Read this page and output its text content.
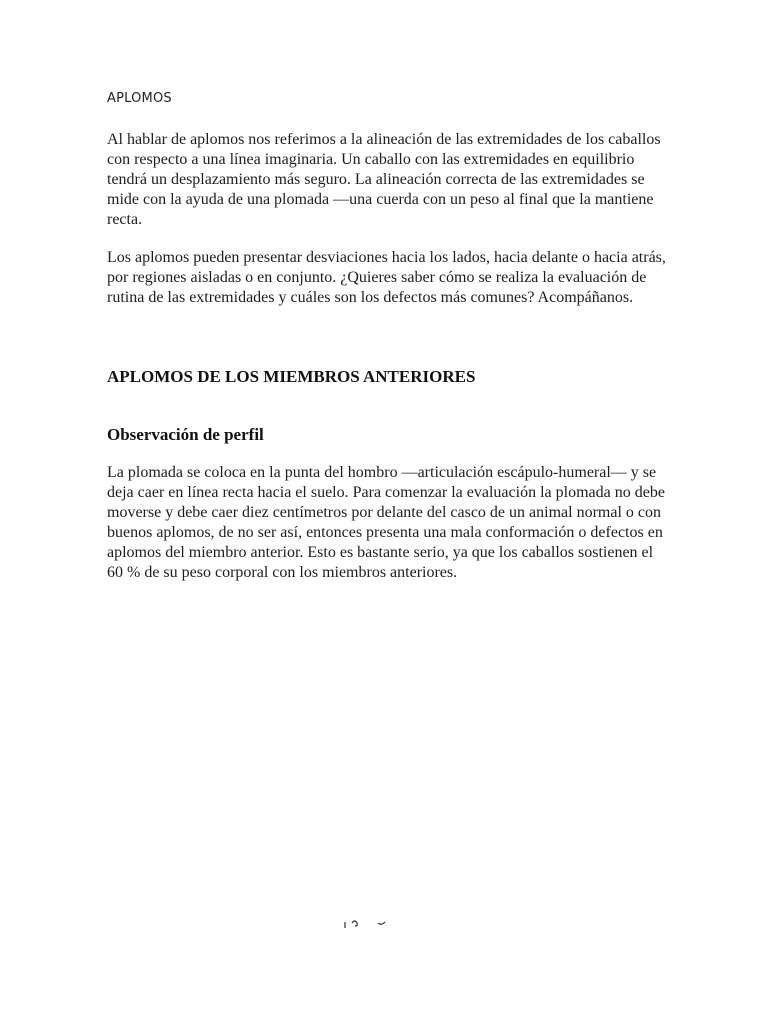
APLOMOS

Al hablar de aplomos nos referimos a la alineación de las extremidades de los caballos con respecto a una línea imaginaria. Un caballo con las extremidades en equilibrio tendrá un desplazamiento más seguro. La alineación correcta de las extremidades se mide con la ayuda de una plomada —una cuerda con un peso al final que la mantiene recta.

Los aplomos pueden presentar desviaciones hacia los lados, hacia delante o hacia atrás, por regiones aisladas o en conjunto. ¿Quieres saber cómo se realiza la evaluación de rutina de las extremidades y cuáles son los defectos más comunes? Acompáñanos.

APLOMOS DE LOS MIEMBROS ANTERIORES
Observación de perfil

La plomada se coloca en la punta del hombro —articulación escápulo-humeral— y se deja caer en línea recta hacia el suelo. Para comenzar la evaluación la plomada no debe moverse y debe caer diez centímetros por delante del casco de un animal normal o con buenos aplomos, de no ser así, entonces presenta una mala conformación o defectos en aplomos del miembro anterior. Esto es bastante serio, ya que los caballos sostienen el 60 % de su peso corporal con los miembros anteriores.
